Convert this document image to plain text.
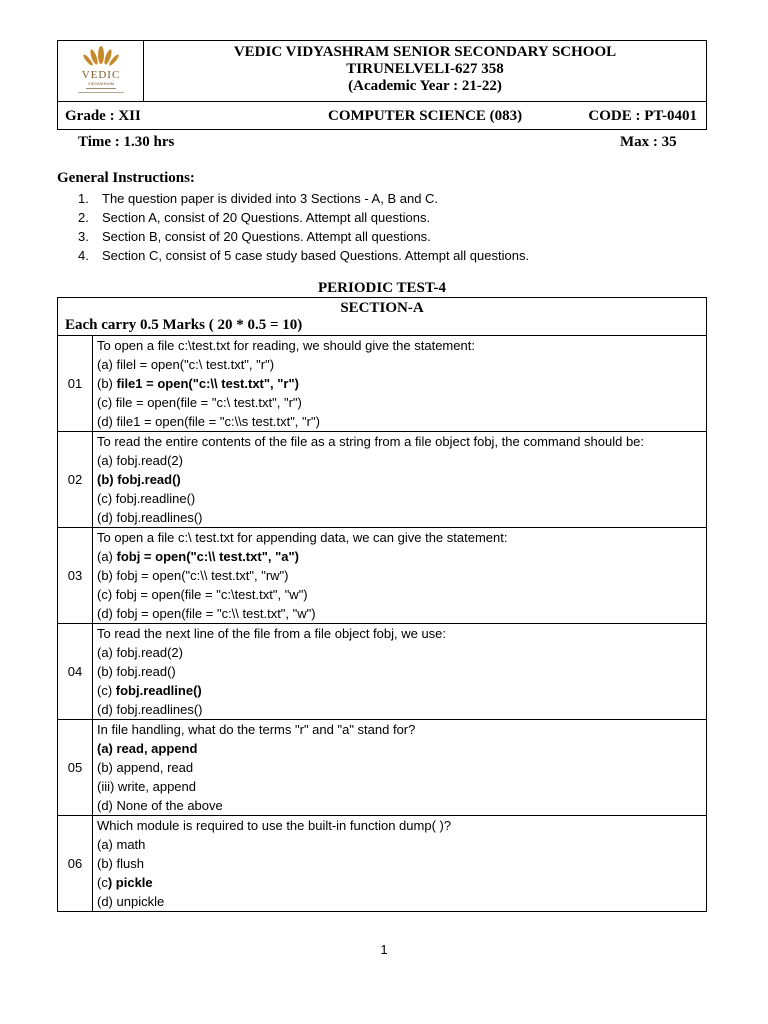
VEDIC
VIDYASHRAM
VEDIC VIDYASHRAM SENIOR SECONDARY SCHOOL
TIRUNELVELI-627 358
(Academic Year : 21-22)
Grade : XII	COMPUTER SCIENCE (083)	CODE : PT-0401
Time : 1.30 hrs	Max : 35
General Instructions:
1. The question paper is divided into 3 Sections - A, B and C.
2. Section A, consist of 20 Questions. Attempt all questions.
3. Section B, consist of 20 Questions. Attempt all questions.
4. Section C, consist of 5 case study based Questions. Attempt all questions.
PERIODIC TEST-4
SECTION-A
Each carry 0.5 Marks ( 20 * 0.5 = 10)	

01	To open a file c:\test.txt for reading, we should give the statement:
(a) filel = open("c:\ test.txt", "r")
(b) file1 = open("c:\\ test.txt", "r")
(c) file = open(file = "c:\ test.txt", "r")
(d) file1 = open(file = "c:\\s test.txt", "r")

02	To read the entire contents of the file as a string from a file object fobj, the command should be:
(a) fobj.read(2)
(b) fobj.read()
(c) fobj.readline()
(d) fobj.readlines()

03	To open a file c:\ test.txt for appending data, we can give the statement:
(a) fobj = open("c:\\ test.txt", "a")
(b) fobj = open("c:\\ test.txt", "rw")
(c) fobj = open(file = "c:\test.txt", "w")
(d) fobj = open(file = "c:\\ test.txt", "w")

04	To read the next line of the file from a file object fobj, we use:
(a) fobj.read(2)
(b) fobj.read()
(c) fobj.readline()
(d) fobj.readlines()

05	In file handling, what do the terms "r" and "a" stand for?
(a) read, append
(b) append, read
(iii) write, append
(d) None of the above

06	Which module is required to use the built-in function dump( )?
(a) math
(b) flush
(c) pickle
(d) unpickle
1
